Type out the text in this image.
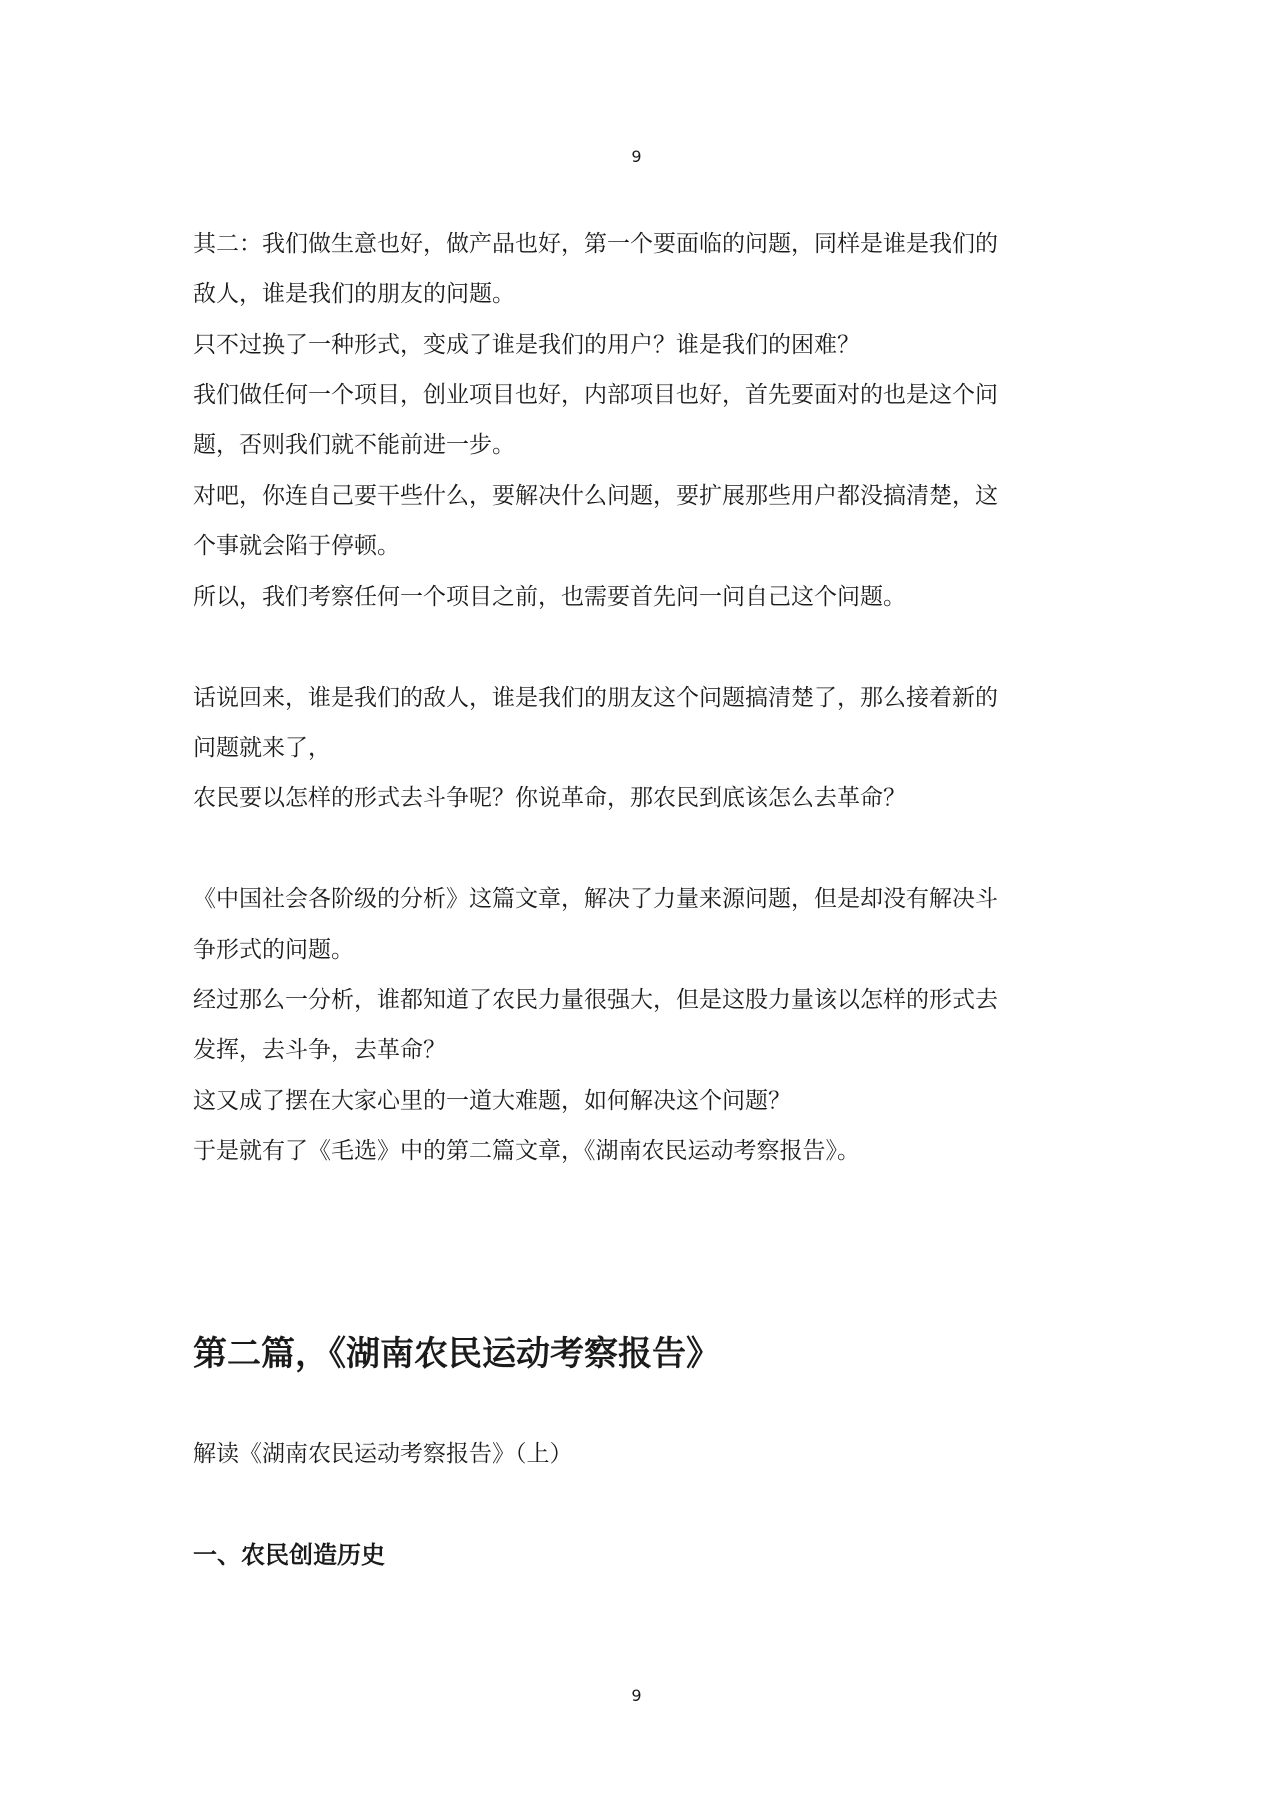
9
其二：我们做生意也好，做产品也好，第一个要面临的问题，同样是谁是我们的
敌人，谁是我们的朋友的问题。
只不过换了一种形式，变成了谁是我们的用户？谁是我们的困难？
我们做任何一个项目，创业项目也好，内部项目也好，首先要面对的也是这个问
题，否则我们就不能前进一步。
对吧，你连自己要干些什么，要解决什么问题，要扩展那些用户都没搞清楚，这
个事就会陷于停顿。
所以，我们考察任何一个项目之前，也需要首先问一问自己这个问题。
话说回来，谁是我们的敌人，谁是我们的朋友这个问题搞清楚了，那么接着新的
问题就来了，
农民要以怎样的形式去斗争呢？你说革命，那农民到底该怎么去革命？
《中国社会各阶级的分析》这篇文章，解决了力量来源问题，但是却没有解决斗
争形式的问题。
经过那么一分析，谁都知道了农民力量很强大，但是这股力量该以怎样的形式去
发挥，去斗争，去革命？
这又成了摆在大家心里的一道大难题，如何解决这个问题？
于是就有了《毛选》中的第二篇文章，《湖南农民运动考察报告》。
第二篇，《湖南农民运动考察报告》
解读《湖南农民运动考察报告》（上）
一、农民创造历史
9
